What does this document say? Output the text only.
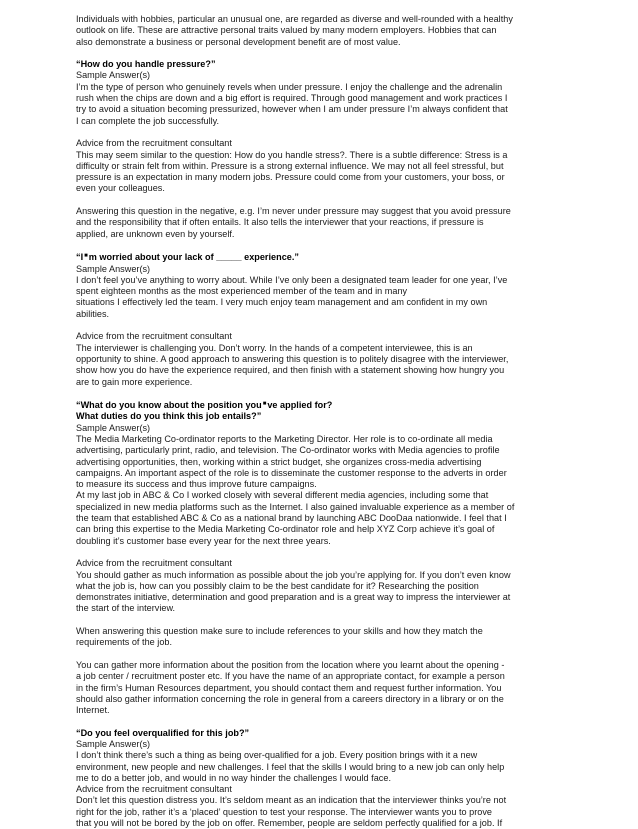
Individuals with hobbies, particular an unusual one, are regarded as diverse and well-rounded with a healthy
outlook on life. These are attractive personal traits valued by many modern employers. Hobbies that can
also demonstrate a business or personal development benefit are of most value.
“How do you handle pressure?”
Sample Answer(s)
I’m the type of person who genuinely revels when under pressure. I enjoy the challenge and the adrenalin
rush when the chips are down and a big effort is required. Through good management and work practices I
try to avoid a situation becoming pressurized, however when I am under pressure I’m always confident that
I can complete the job successfully.
Advice from the recruitment consultant
This may seem similar to the question: How do you handle stress?. There is a subtle difference: Stress is a
difficulty or strain felt from within. Pressure is a strong external influence. We may not all feel stressful, but
pressure is an expectation in many modern jobs. Pressure could come from your customers, your boss, or
even your colleagues.
Answering this question in the negative, e.g. I’m never under pressure may suggest that you avoid pressure
and the responsibility that if often entails. It also tells the interviewer that your reactions, if pressure is
applied, are unknown even by yourself.
“I■m worried about your lack of _____ experience.”
Sample Answer(s)
I don’t feel you’ve anything to worry about. While I’ve only been a designated team leader for one year, I’ve
spent eighteen months as the most experienced member of the team and in many
situations I effectively led the team. I very much enjoy team management and am confident in my own
abilities.
Advice from the recruitment consultant
The interviewer is challenging you. Don’t worry. In the hands of a competent interviewee, this is an
opportunity to shine. A good approach to answering this question is to politely disagree with the interviewer,
show how you do have the experience required, and then finish with a statement showing how hungry you
are to gain more experience.
“What do you know about the position you■ve applied for?
What duties do you think this job entails?”
Sample Answer(s)
The Media Marketing Co-ordinator reports to the Marketing Director. Her role is to co-ordinate all media
advertising, particularly print, radio, and television. The Co-ordinator works with Media agencies to profile
advertising opportunities, then, working within a strict budget, she organizes cross-media advertising
campaigns. An important aspect of the role is to disseminate the customer response to the adverts in order
to measure its success and thus improve future campaigns.
At my last job in ABC & Co I worked closely with several different media agencies, including some that
specialized in new media platforms such as the Internet. I also gained invaluable experience as a member of
the team that established ABC & Co as a national brand by launching ABC DooDaa nationwide. I feel that I
can bring this expertise to the Media Marketing Co-ordinator role and help XYZ Corp achieve it’s goal of
doubling it’s customer base every year for the next three years.
Advice from the recruitment consultant
You should gather as much information as possible about the job you’re applying for. If you don’t even know
what the job is, how can you possibly claim to be the best candidate for it? Researching the position
demonstrates initiative, determination and good preparation and is a great way to impress the interviewer at
the start of the interview.
When answering this question make sure to include references to your skills and how they match the
requirements of the job.
You can gather more information about the position from the location where you learnt about the opening -
a job center / recruitment poster etc. If you have the name of an appropriate contact, for example a person
in the firm’s Human Resources department, you should contact them and request further information. You
should also gather information concerning the role in general from a careers directory in a library or on the
Internet.
“Do you feel overqualified for this job?”
Sample Answer(s)
I don’t think there’s such a thing as being over-qualified for a job. Every position brings with it a new
environment, new people and new challenges. I feel that the skills I would bring to a new job can only help
me to do a better job, and would in no way hinder the challenges I would face.
Advice from the recruitment consultant
Don’t let this question distress you. It’s seldom meant as an indication that the interviewer thinks you’re not
right for the job, rather it’s a ‘placed’ question to test your response. The interviewer wants you to prove
that you will not be bored by the job on offer. Remember, people are seldom perfectly qualified for a job. If
